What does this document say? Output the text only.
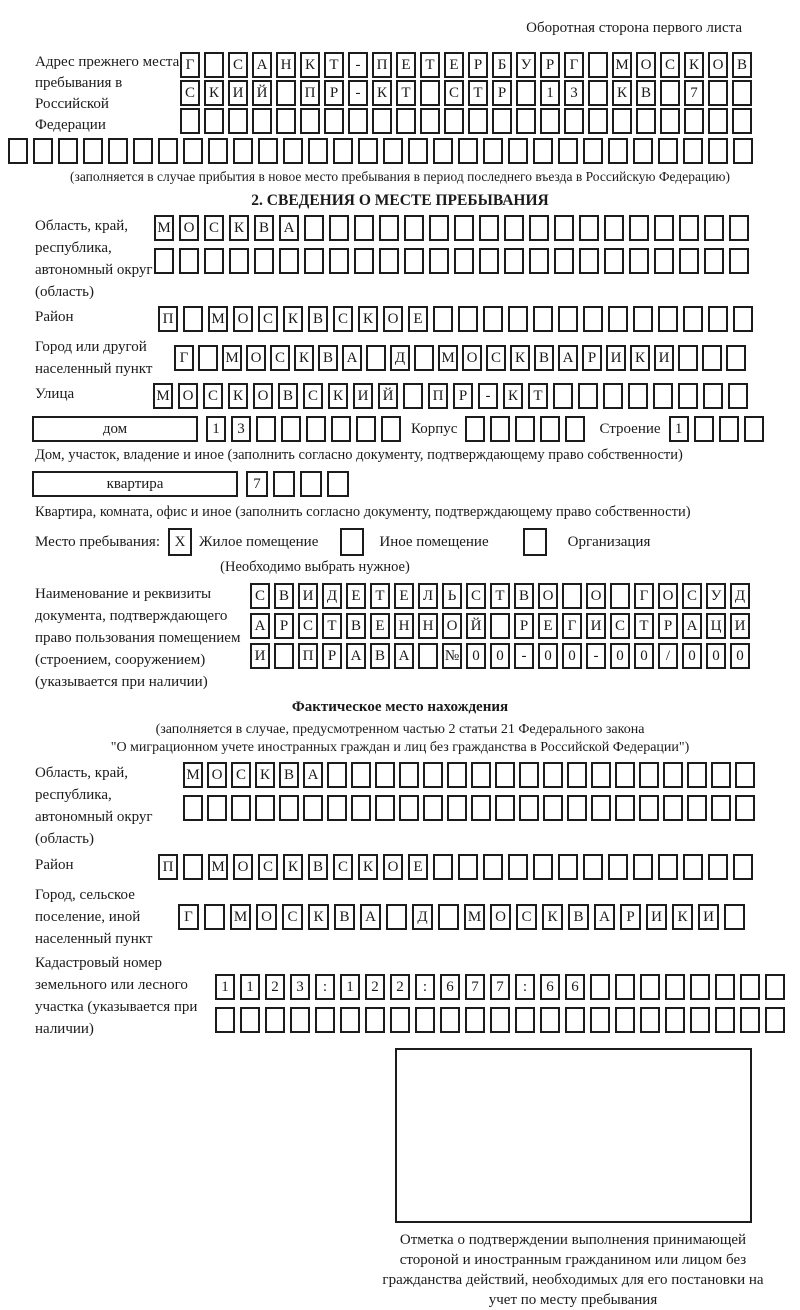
Оборотная сторона первого листа
Адрес прежнего места пребывания в Российской Федерации
Г	С А Н К Т	-	П Е Т Е	Р	Б У Р	Г	М О С К О В
С К И Й	П Р	-	К Т	С Т	Р	1	3	К В	7
(заполняется в случае прибытия в новое место пребывания в период последнего въезда в Российскую Федерацию)
2. СВЕДЕНИЯ О МЕСТЕ ПРЕБЫВАНИЯ
Область, край, республика, автономный округ (область)
М О С К В А
Район	П	М О С К В С К О Е
Город или другой населенный пункт
Г	М О С К В А	Д	М О С К В А Р И К И
Улица	М О С К О В С К И Й	П	Р	-	К	Т
дом	1	3	Корпус	Строение 1
Дом, участок, владение и иное (заполнить согласно документу, подтверждающему право собственности)
квартира	7
Квартира, комната, офис и иное (заполнить согласно документу, подтверждающему право собственности)
Место пребывания: X Жилое помещение	Иное помещение	Организация
(Необходимо выбрать нужное)
Наименование и реквизиты документа, подтверждающего право пользования помещением (строением, сооружением) (указывается при наличии)
С В И Д Е Т Е Л Ь С Т В О	О	Г О С У Д
А Р С Т В Е Н Н О Й	Р	Е	Г И С Т	Р А Ц И
И	П Р А В А	№ 0	0	-	0	0	-	0	0	/	0	0	0
Фактическое место нахождения
(заполняется в случае, предусмотренном частью 2 статьи 21 Федерального закона
"О миграционном учете иностранных граждан и лиц без гражданства в Российской Федерации")
Область, край, республика, автономный округ (область)
М О С К В А
Район	П	М О С К В С К О Е
Город, сельское поселение, иной населенный пункт
Г	М О	С	К	В	А	Д	М О	С	К	В	А	Р	И	К	И
Кадастровый номер земельного или лесного участка (указывается при наличии)
1	1	2	3	:	1	2	2	:	6	7	7	:	6	6
Отметка о подтверждении выполнения принимающей стороной и иностранным гражданином или лицом без гражданства действий, необходимых для его постановки на учет по месту пребывания
